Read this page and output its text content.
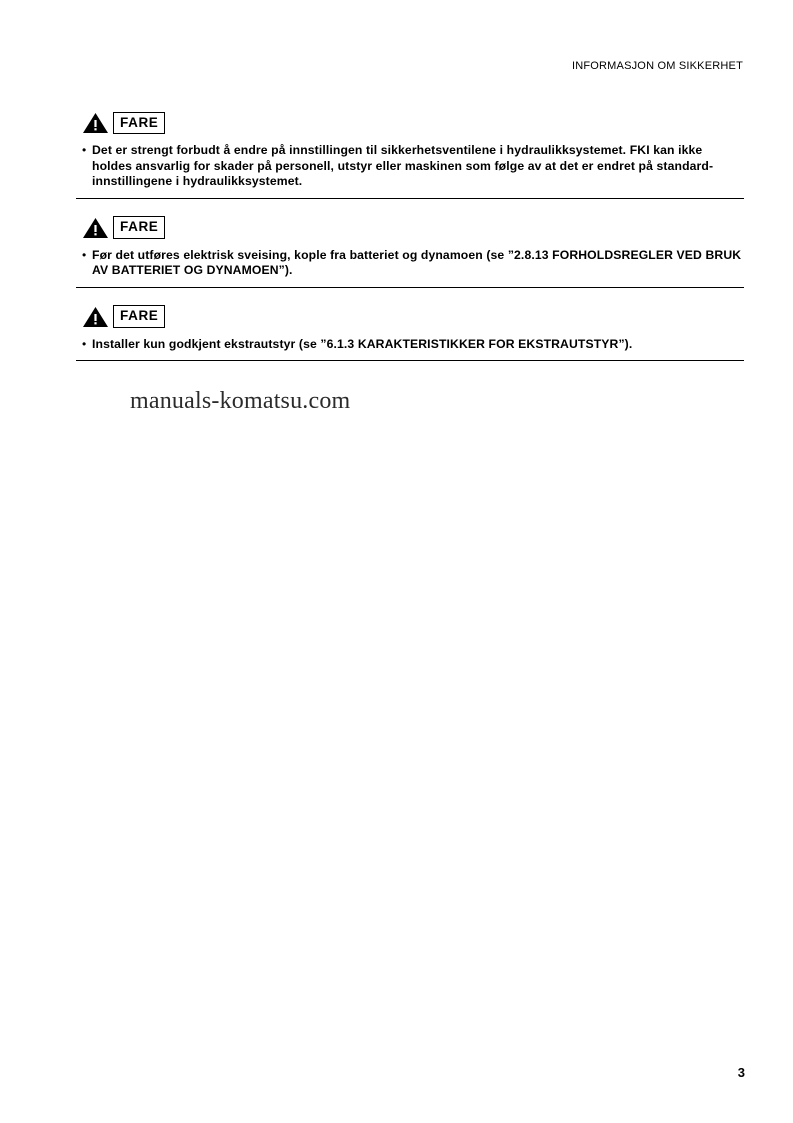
INFORMASJON OM SIKKERHET
FARE
• Det er strengt forbudt å endre på innstillingen til sikkerhetsventilene i hydraulikksystemet. FKI kan ikke holdes ansvarlig for skader på personell, utstyr eller maskinen som følge av at det er endret på standard-innstillingene i hydraulikksystemet.
FARE
• Før det utføres elektrisk sveising, kople fra batteriet og dynamoen (se ”2.8.13 FORHOLDSREGLER VED BRUK AV BATTERIET OG DYNAMOEN”).
FARE
• Installer kun godkjent ekstrautstyr (se ”6.1.3 KARAKTERISTIKKER FOR EKSTRAUTSTYR”).
manuals-komatsu.com
3
